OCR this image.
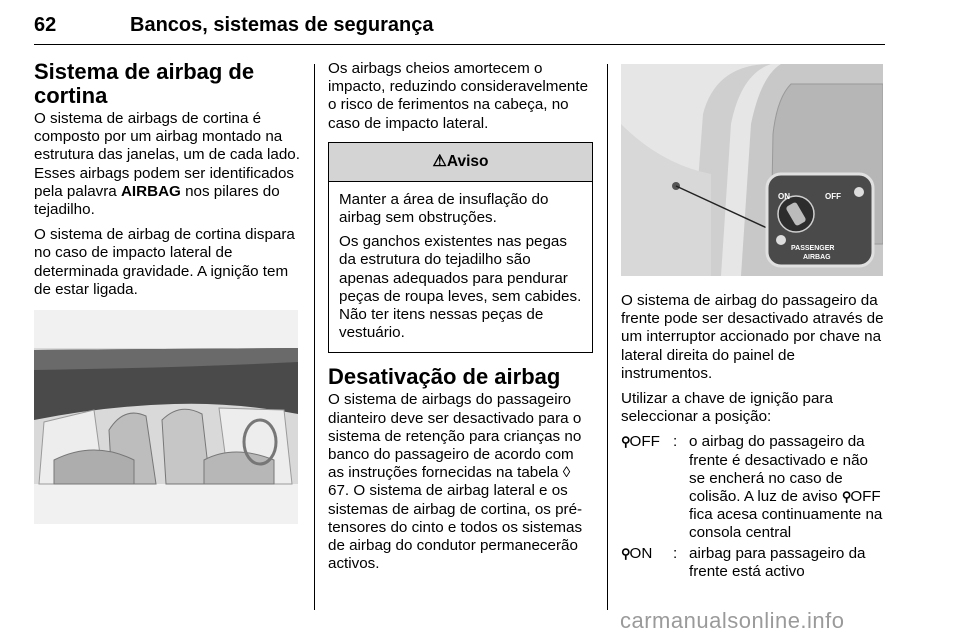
62	Bancos, sistemas de segurança
Sistema de airbag de cortina

O sistema de airbags de cortina é composto por um airbag montado na estrutura das janelas, um de cada lado. Esses airbags podem ser identificados pela palavra AIRBAG nos pilares do tejadilho.

O sistema de airbag de cortina dispara no caso de impacto lateral de determinada gravidade. A ignição tem de estar ligada.

Os airbags cheios amortecem o impacto, reduzindo consideravelmente o risco de ferimentos na cabeça, no caso de impacto lateral.

⚠Aviso

Manter a área de insuflação do airbag sem obstruções.

Os ganchos existentes nas pegas da estrutura do tejadilho são apenas adequados para pendurar peças de roupa leves, sem cabides. Não ter itens nessas peças de vestuário.

Desativação de airbag

O sistema de airbags do passageiro dianteiro deve ser desactivado para o sistema de retenção para crianças no banco do passageiro de acordo com as instruções fornecidas na tabela ◊ 67. O sistema de airbag lateral e os sistemas de airbag de cortina, os pré-tensores do cinto e todos os sistemas de airbag do condutor permanecerão activos.

ON	OFF
PASSENGER
AIRBAG

O sistema de airbag do passageiro da frente pode ser desactivado através de um interruptor accionado por chave na lateral direita do painel de instrumentos.

Utilizar a chave de ignição para seleccionar a posição:

⚲OFF : o airbag do passageiro da frente é desactivado e não se encherá no caso de colisão. A luz de aviso ⚲OFF fica acesa continuamente na consola central
⚲ON	: airbag para passageiro da frente está activo
carmanualsonline.info
